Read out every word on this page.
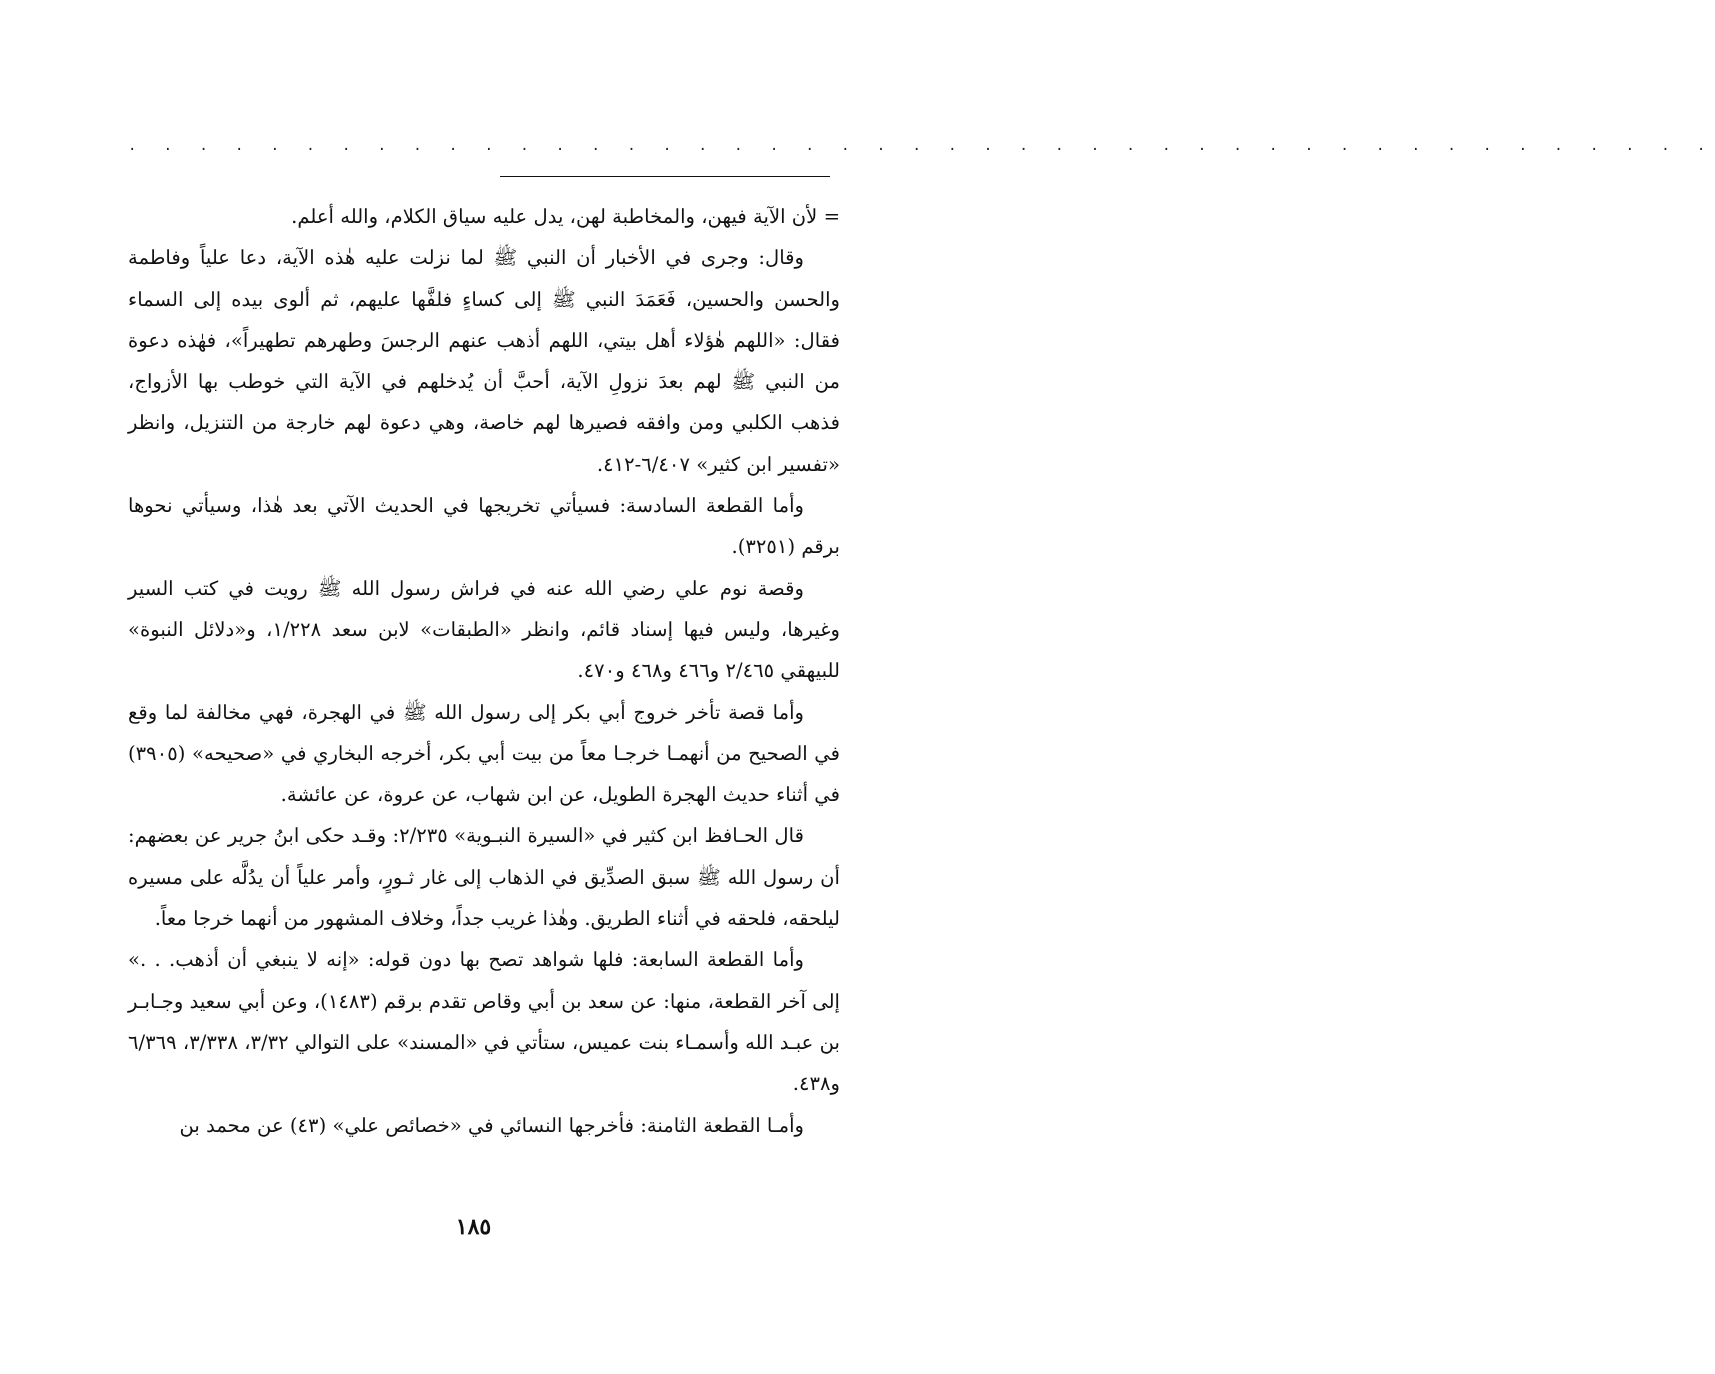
. . . . . . . . . . . . . . . . . . . . . . . . . . . . . . . . . . . . . . . . . . . . .

= لأن الآية فيهن، والمخاطبة لهن، يدل عليه سياق الكلام، والله أعلم.

وقال: وجرى في الأخبار أن النبي ﷺ لما نزلت عليه هٰذه الآية، دعا علياً وفاطمة والحسن والحسين، فَعَمَدَ النبي ﷺ إلى كساءٍ فلفَّها عليهم، ثم ألوى بيده إلى السماء فقال: «اللهم هٰؤلاء أهل بيتي، اللهم أذهب عنهم الرجسَ وطهرهم تطهيراً»، فهٰذه دعوة من النبي ﷺ لهم بعدَ نزولِ الآية، أحبَّ أن يُدخلهم في الآية التي خوطب بها الأزواج، فذهب الكلبي ومن وافقه فصيرها لهم خاصة، وهي دعوة لهم خارجة من التنزيل، وانظر «تفسير ابن كثير» ٦/٤٠٧-٤١٢.

وأما القطعة السادسة: فسيأتي تخريجها في الحديث الآتي بعد هٰذا، وسيأتي نحوها برقم (٣٢٥١).

وقصة نوم علي رضي الله عنه في فراش رسول الله ﷺ رويت في كتب السير وغيرها، وليس فيها إسناد قائم، وانظر «الطبقات» لابن سعد ١/٢٢٨، و«دلائل النبوة» للبيهقي ٢/٤٦٥ و٤٦٦ و٤٦٨ و٤٧٠.

وأما قصة تأخر خروج أبي بكر إلى رسول الله ﷺ في الهجرة، فهي مخالفة لما وقع في الصحيح من أنهمـا خرجـا معاً من بيت أبي بكر، أخرجه البخاري في «صحيحه» (٣٩٠٥) في أثناء حديث الهجرة الطويل، عن ابن شهاب، عن عروة، عن عائشة.

قال الحـافظ ابن كثير في «السيرة النبـوية» ٢/٢٣٥: وقـد حكى ابنُ جرير عن بعضهم: أن رسول الله ﷺ سبق الصدِّيق في الذهاب إلى غار ثـورٍ، وأمر علياً أن يدُلَّه على مسيره ليلحقه، فلحقه في أثناء الطريق. وهٰذا غريب جداً، وخلاف المشهور من أنهما خرجا معاً.

وأما القطعة السابعة: فلها شواهد تصح بها دون قوله: «إنه لا ينبغي أن أذهب. . .» إلى آخر القطعة، منها: عن سعد بن أبي وقاص تقدم برقم (١٤٨٣)، وعن أبي سعيد وجـابـر بن عبـد الله وأسمـاء بنت عميس، ستأتي في «المسند» على التوالي ٣/٣٢، ٣/٣٣٨، ٦/٣٦٩ و٤٣٨.

وأمـا القطعة الثامنة: فأخرجها النسائي في «خصائص علي» (٤٣) عن محمد بن

١٨٥
